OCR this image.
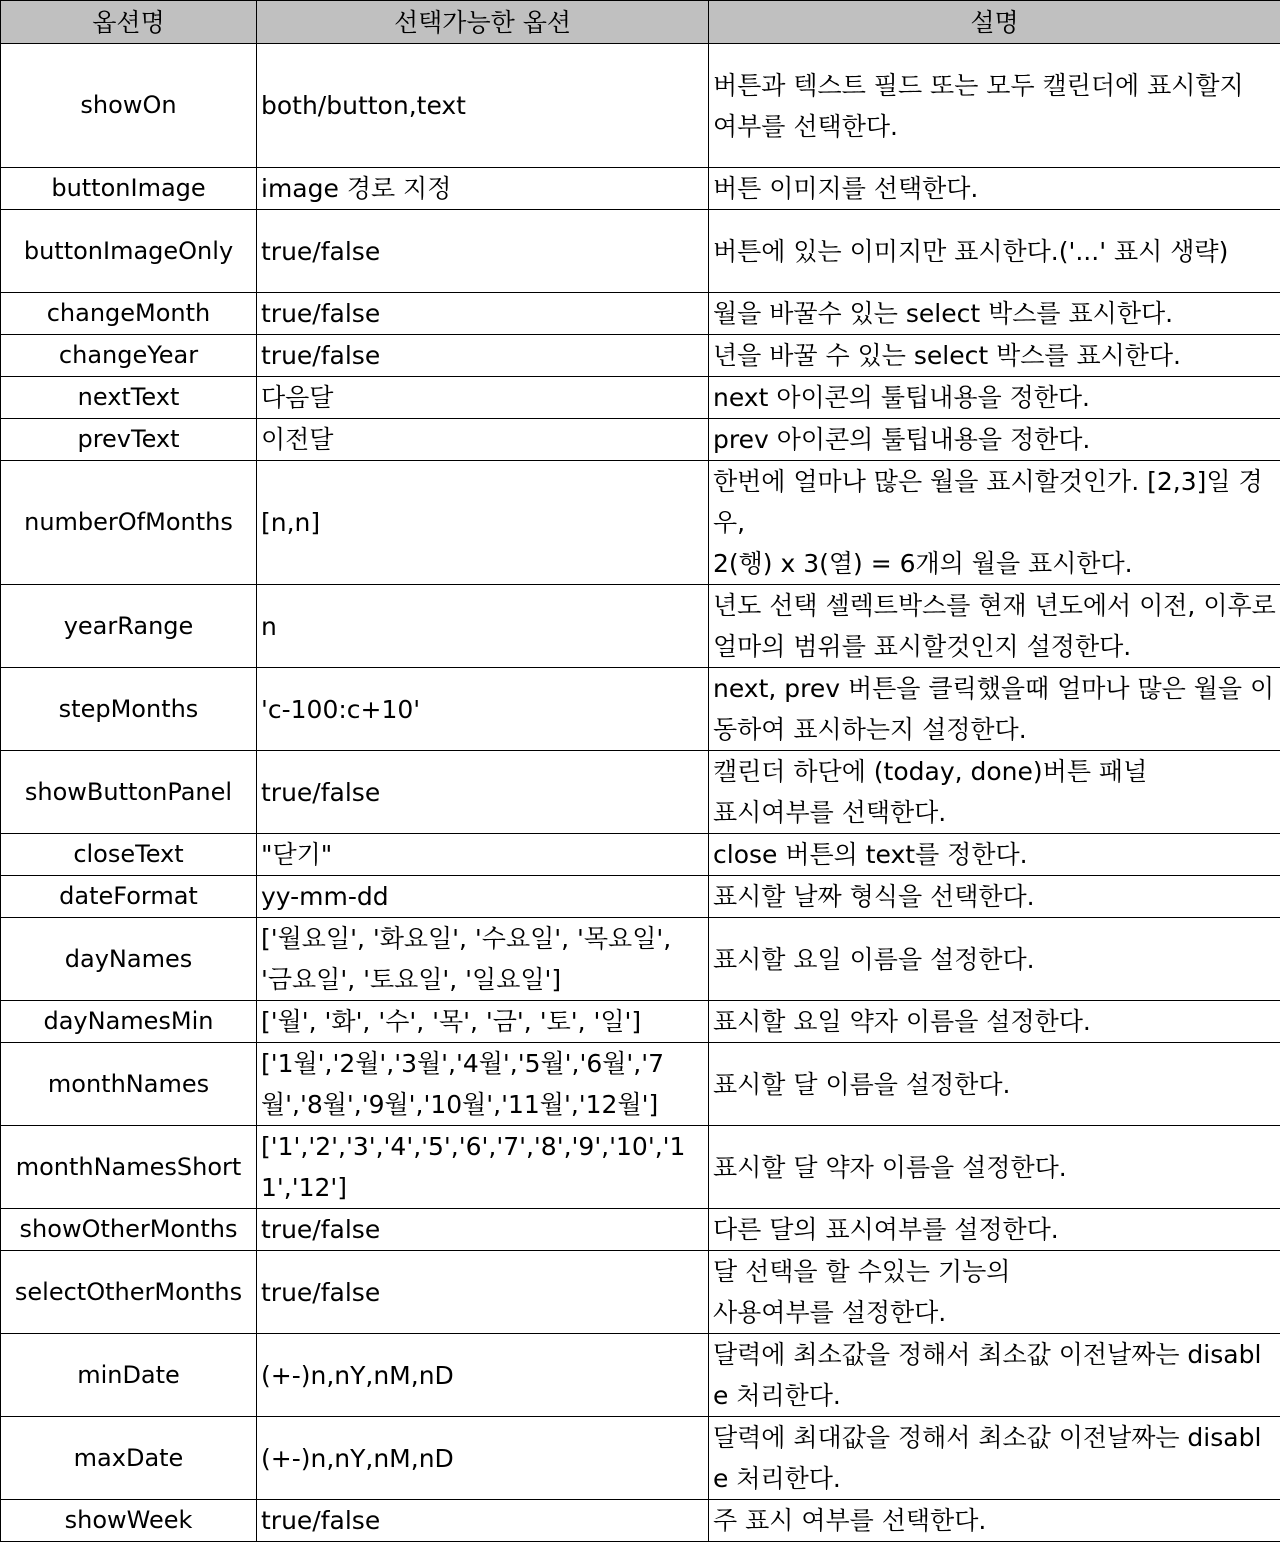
옵션명	선택가능한 옵션	설명
showOn	both/button,text	버튼과 텍스트 필드 또는 모두 캘린더에 표시할지
여부를 선택한다.
buttonImage	image 경로 지정	버튼 이미지를 선택한다.
buttonImageOnly	true/false	버튼에 있는 이미지만 표시한다.('...' 표시 생략)
changeMonth	true/false	월을 바꿀수 있는 select 박스를 표시한다.
changeYear	true/false	년을 바꿀 수 있는 select 박스를 표시한다.
nextText	다음달	next 아이콘의 툴팁내용을 정한다.
prevText	이전달	prev 아이콘의 툴팁내용을 정한다.
numberOfMonths	[n,n]	한번에 얼마나 많은 월을 표시할것인가. [2,3]일 경우,
2(행) x 3(열) = 6개의 월을 표시한다.
yearRange	n	년도 선택 셀렉트박스를 현재 년도에서 이전, 이후로얼마의 범위를 표시할것인지 설정한다.
stepMonths	'c-100:c+10'	next, prev 버튼을 클릭했을때 얼마나 많은 월을 이동하여 표시하는지 설정한다.
showButtonPanel	true/false	캘린더 하단에 (today, done)버튼 패널
표시여부를 선택한다.
closeText	"닫기"	close 버튼의 text를 정한다.
dateFormat	yy-mm-dd	표시할 날짜 형식을 선택한다.
dayNames	['월요일', '화요일', '수요일', '목요일', '금요일', '토요일', '일요일']	표시할 요일 이름을 설정한다.
dayNamesMin	['월', '화', '수', '목', '금', '토', '일']	표시할 요일 약자 이름을 설정한다.
monthNames	['1월','2월','3월','4월','5월','6월','7월','8월','9월','10월','11월','12월']	표시할 달 이름을 설정한다.
monthNamesShort	['1','2','3','4','5','6','7','8','9','10','11','12']	표시할 달 약자 이름을 설정한다.
showOtherMonths	true/false	다른 달의 표시여부를 설정한다.
selectOtherMonths	true/false	달 선택을 할 수있는 기능의
사용여부를 설정한다.
minDate	(+-)n,nY,nM,nD	달력에 최소값을 정해서 최소값 이전날짜는 disable 처리한다.
maxDate	(+-)n,nY,nM,nD	달력에 최대값을 정해서 최소값 이전날짜는 disable 처리한다.
showWeek	true/false	주 표시 여부를 선택한다.
